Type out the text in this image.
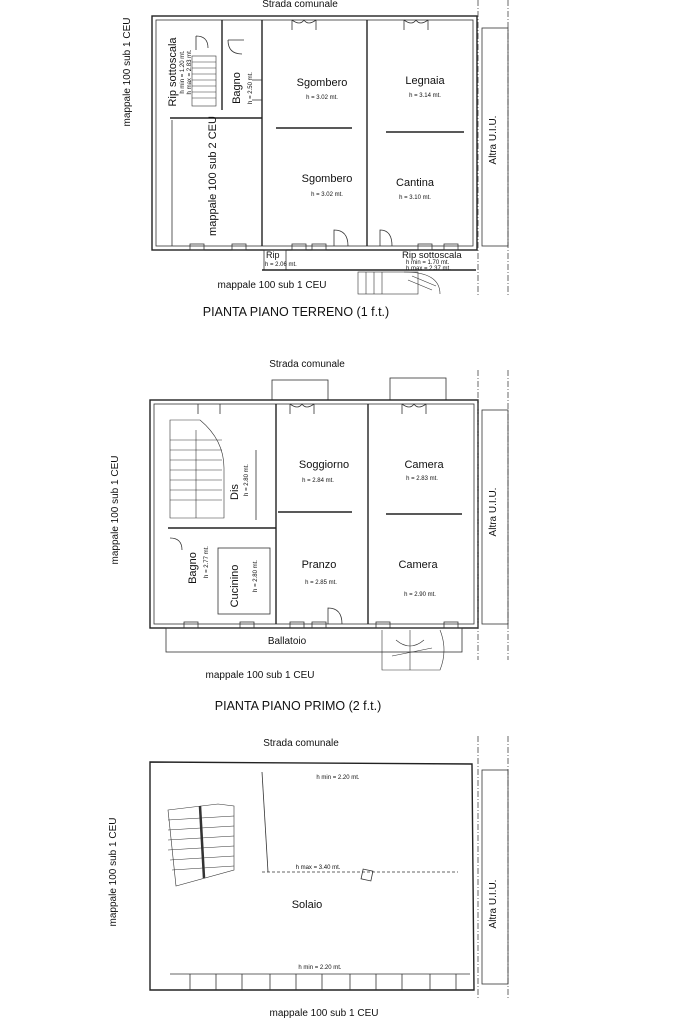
Strada comunale
Sgombero
h = 3.02 mt.
Legnaia
h = 3.14 mt.
Sgombero
h = 3.02 mt.
Cantina
h = 3.10 mt.
Bagno h = 2.50 mt.
Rip sottoscala h min = 1.20 mt. h max = 2.83 mt.
mappale 100 sub 2 CEU
Rip
h = 2.06 mt.
Rip sottoscala
h min = 1.70 mt.
h max = 2.37 mt.
mappale 100 sub 1 CEU
Altra U.I.U.
mappale 100 sub 1 CEU
PIANTA PIANO TERRENO (1 f.t.)
Strada comunale
Soggiorno
h = 2.84 mt.
Camera
h = 2.83 mt.
Dis h = 2.80 mt.
Pranzo
h = 2.85 mt.
Camera
h = 2.90 mt.
Bagno h = 2.77 mt.
Cucinino h = 2.80 mt.
Ballatoio
mappale 100 sub 1 CEU	Altra U.I.U.
mappale 100 sub 1 CEU
PIANTA PIANO PRIMO (2 f.t.)
Strada comunale
h min = 2.20 mt.
h max = 3.40 mt.
Solaio
h min = 2.20 mt.
mappale 100 sub 1 CEU	Altra U.I.U.
mappale 100 sub 1 CEU
